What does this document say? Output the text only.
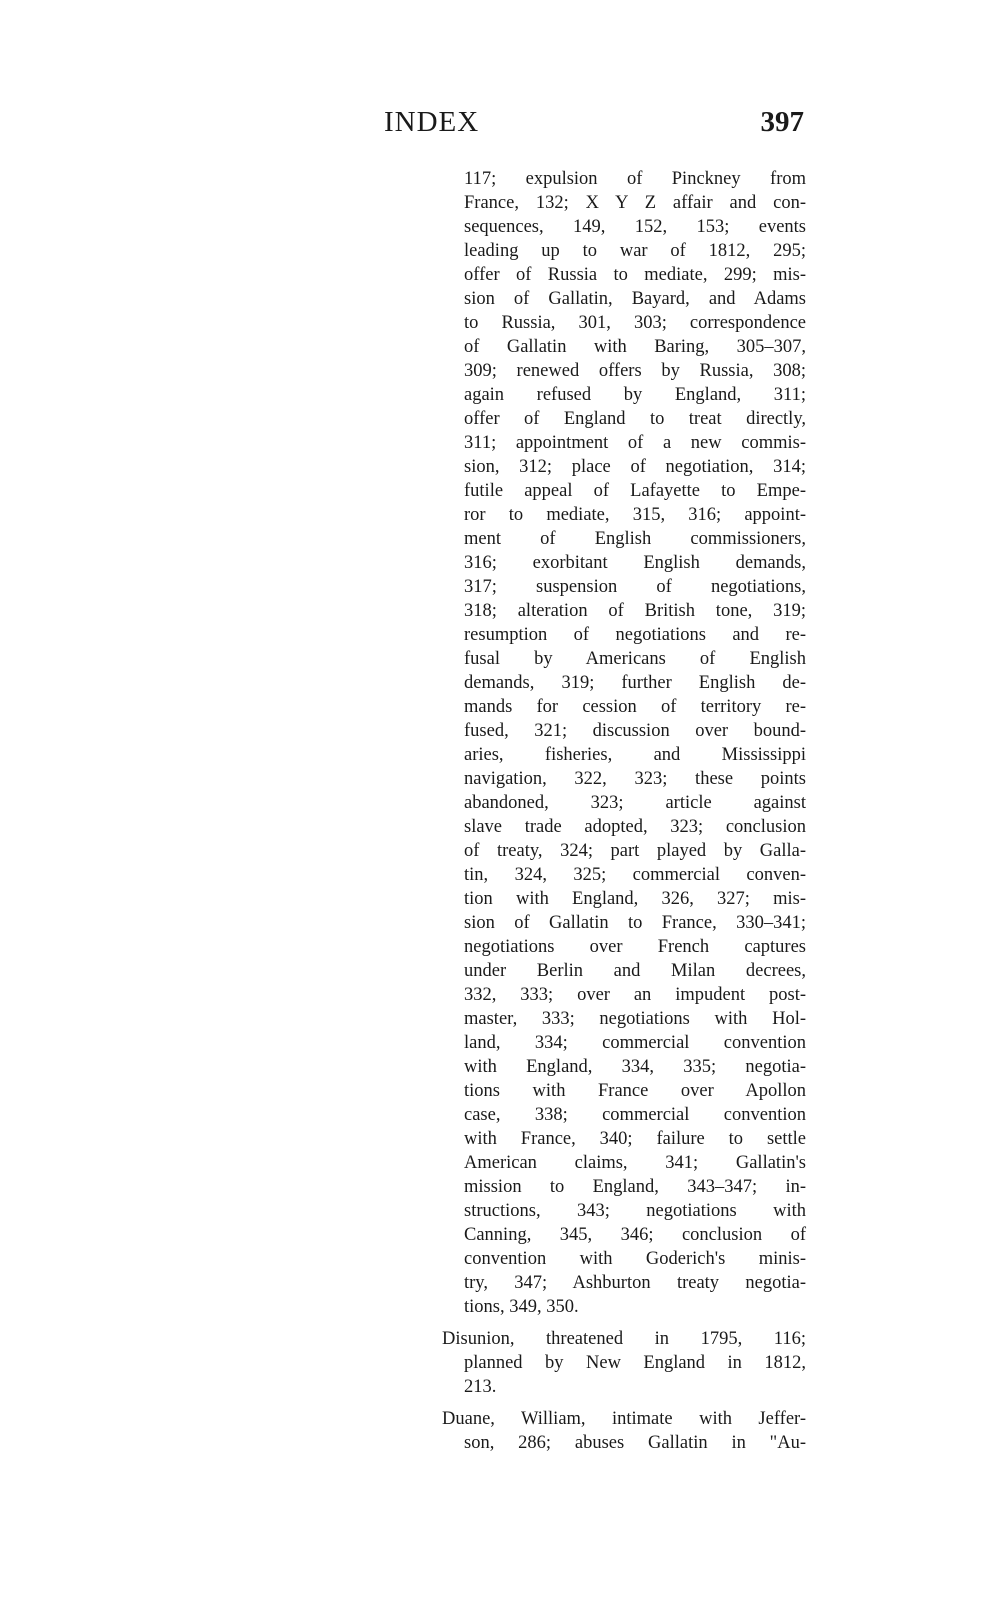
INDEX	397
117; expulsion of Pinckney from
France, 132; X Y Z affair and con-
sequences, 149, 152, 153; events
leading up to war of 1812, 295;
offer of Russia to mediate, 299; mis-
sion of Gallatin, Bayard, and Adams
to Russia, 301, 303; correspondence
of Gallatin with Baring, 305–307,
309; renewed offers by Russia, 308;
again refused by England, 311;
offer of England to treat directly,
311; appointment of a new commis-
sion, 312; place of negotiation, 314;
futile appeal of Lafayette to Empe-
ror to mediate, 315, 316; appoint-
ment of English commissioners,
316; exorbitant English demands,
317; suspension of negotiations,
318; alteration of British tone, 319;
resumption of negotiations and re-
fusal by Americans of English
demands, 319; further English de-
mands for cession of territory re-
fused, 321; discussion over bound-
aries, fisheries, and Mississippi
navigation, 322, 323; these points
abandoned, 323; article against
slave trade adopted, 323; conclusion
of treaty, 324; part played by Galla-
tin, 324, 325; commercial conven-
tion with England, 326, 327; mis-
sion of Gallatin to France, 330–341;
negotiations over French captures
under Berlin and Milan decrees,
332, 333; over an impudent post-
master, 333; negotiations with Hol-
land, 334; commercial convention
with England, 334, 335; negotia-
tions with France over Apollon
case, 338; commercial convention
with France, 340; failure to settle
American claims, 341; Gallatin's
mission to England, 343–347; in-
structions, 343; negotiations with
Canning, 345, 346; conclusion of
convention with Goderich's minis-
try, 347; Ashburton treaty negotia-
tions, 349, 350.
Disunion, threatened in 1795, 116;
planned by New England in 1812,
213.
Duane, William, intimate with Jeffer-
son, 286; abuses Gallatin in "Au-
